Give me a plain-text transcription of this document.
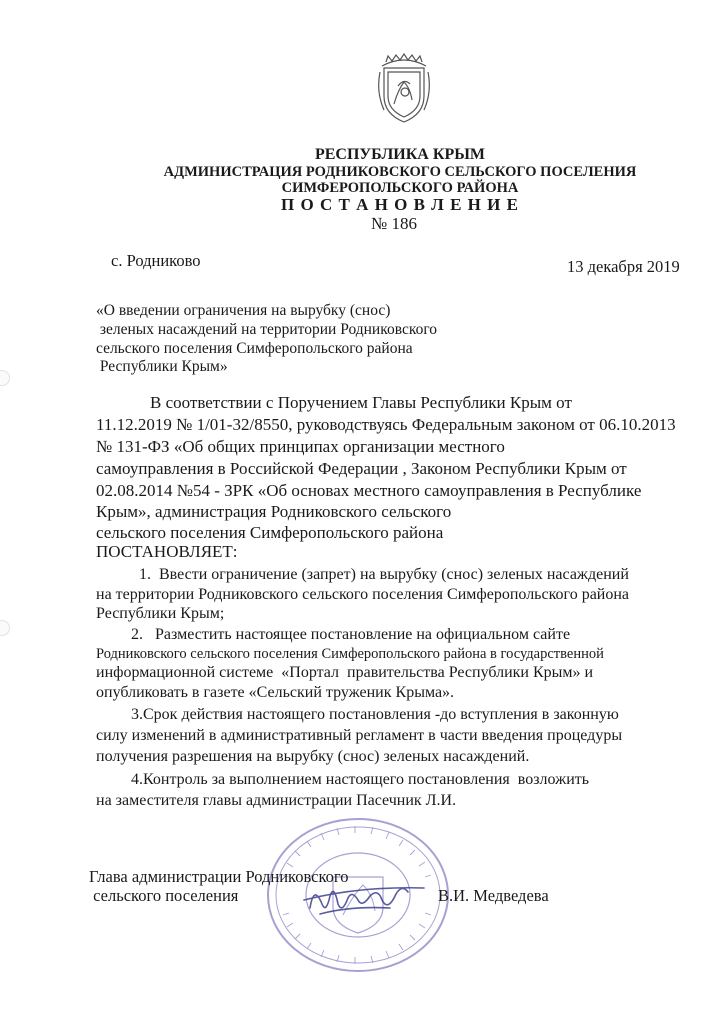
РЕСПУБЛИКА КРЫМ
АДМИНИСТРАЦИЯ РОДНИКОВСКОГО СЕЛЬСКОГО ПОСЕЛЕНИЯ
СИМФЕРОПОЛЬСКОГО РАЙОНА
П О С Т А Н О В Л Е Н И Е
№ 186
с. Родниково	13 декабря 2019
«О введении ограничения на вырубку (снос)
зеленых насаждений на территории Родниковского
сельского поселения Симферопольского района
Республики Крым»
В соответствии с Поручением Главы Республики Крым от
11.12.2019 № 1/01-32/8550, руководствуясь Федеральным законом от 06.10.2013
№ 131-ФЗ «Об общих принципах организации местного
самоуправления в Российской Федерации , Законом Республики Крым от
02.08.2014 №54 - ЗРК «Об основах местного самоуправления в Республике
Крым», администрация Родниковского сельского
сельского поселения Симферопольского района
ПОСТАНОВЛЯЕТ:
1.  Ввести ограничение (запрет) на вырубку (снос) зеленых насаждений
на территории Родниковского сельского поселения Симферопольского района
Республики Крым;
2.   Разместить настоящее постановление на официальном сайте
Родниковского сельского поселения Симферопольского района в государственной
информационной системе  «Портал  правительства Республики Крым» и
опубликовать в газете «Сельский труженик Крыма».
3.Срок действия настоящего постановления -до вступления в законную
силу изменений в административный регламент в части введения процедуры
получения разрешения на вырубку (снос) зеленых насаждений.
4.Контроль за выполнением настоящего постановления  возложить
на заместителя главы администрации Пасечник Л.И.
Глава администрации Родниковского
сельского поселения	В.И. Медведева
